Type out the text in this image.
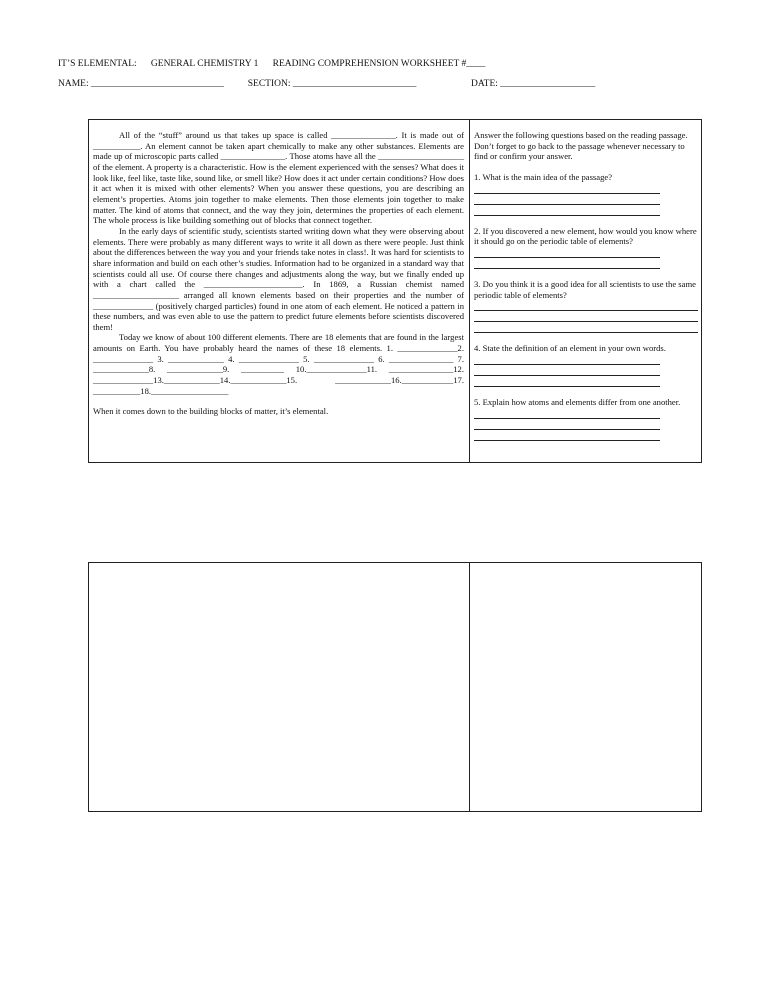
IT’S ELEMENTAL:      GENERAL CHEMISTRY 1      READING COMPREHENSION WORKSHEET #____
NAME: ____________________________          SECTION: __________________________                       DATE: ____________________

All of the “stuff” around us that takes up space is called _______________. It is made out of ___________. An element cannot be taken apart chemically to make any other substances. Elements are made up of microscopic parts called _______________. Those atoms have all the ____________________ of the element. A property is a characteristic. How is the element experienced with the senses? What does it look like, feel like, taste like, sound like, or smell like? How does it act under certain conditions? How does it act when it is mixed with other elements? When you answer these questions, you are describing an element’s properties. Atoms join together to make elements. Then those elements join together to make matter. The kind of atoms that connect, and the way they join, determines the properties of each element. The whole process is like building something out of blocks that connect together.

In the early days of scientific study, scientists started writing down what they were observing about elements. There were probably as many different ways to write it all down as there were people. Just think about the differences between the way you and your friends take notes in class!. It was hard for scientists to share information and build on each other’s studies. Information had to be organized in a standard way that scientists could all use. Of course there changes and adjustments along the way, but we finally ended up with a chart called the _______________________. In 1869, a Russian chemist named ____________________ arranged all known elements based on their properties and the number of ______________ (positively charged particles) found in one atom of each element. He noticed a pattern in these numbers, and was even able to use the pattern to predict future elements before scientists discovered them!

Today we know of about 100 different elements. There are 18 elements that are found in the largest amounts on Earth. You have probably heard the names of these 18 elements. 1. ______________2. ______________ 3. _____________ 4. ______________ 5. ______________ 6. _______________ 7. _____________8. _____________9. __________ 10.______________11. _______________12. ______________13._____________14._____________15. _____________16.____________17. ___________18.__________________

When it comes down to the building blocks of matter, it’s elemental.

Answer the following questions based on the reading passage. Don’t forget to go back to the passage whenever necessary to find or confirm your answer.
1. What is the main idea of the passage?
2. If you discovered a new element, how would you know where it should go on the periodic table of elements?
3. Do you think it is a good idea for all scientists to use the same periodic table of elements?
4. State the definition of an element in your own words.
5. Explain how atoms and elements differ from one another.
